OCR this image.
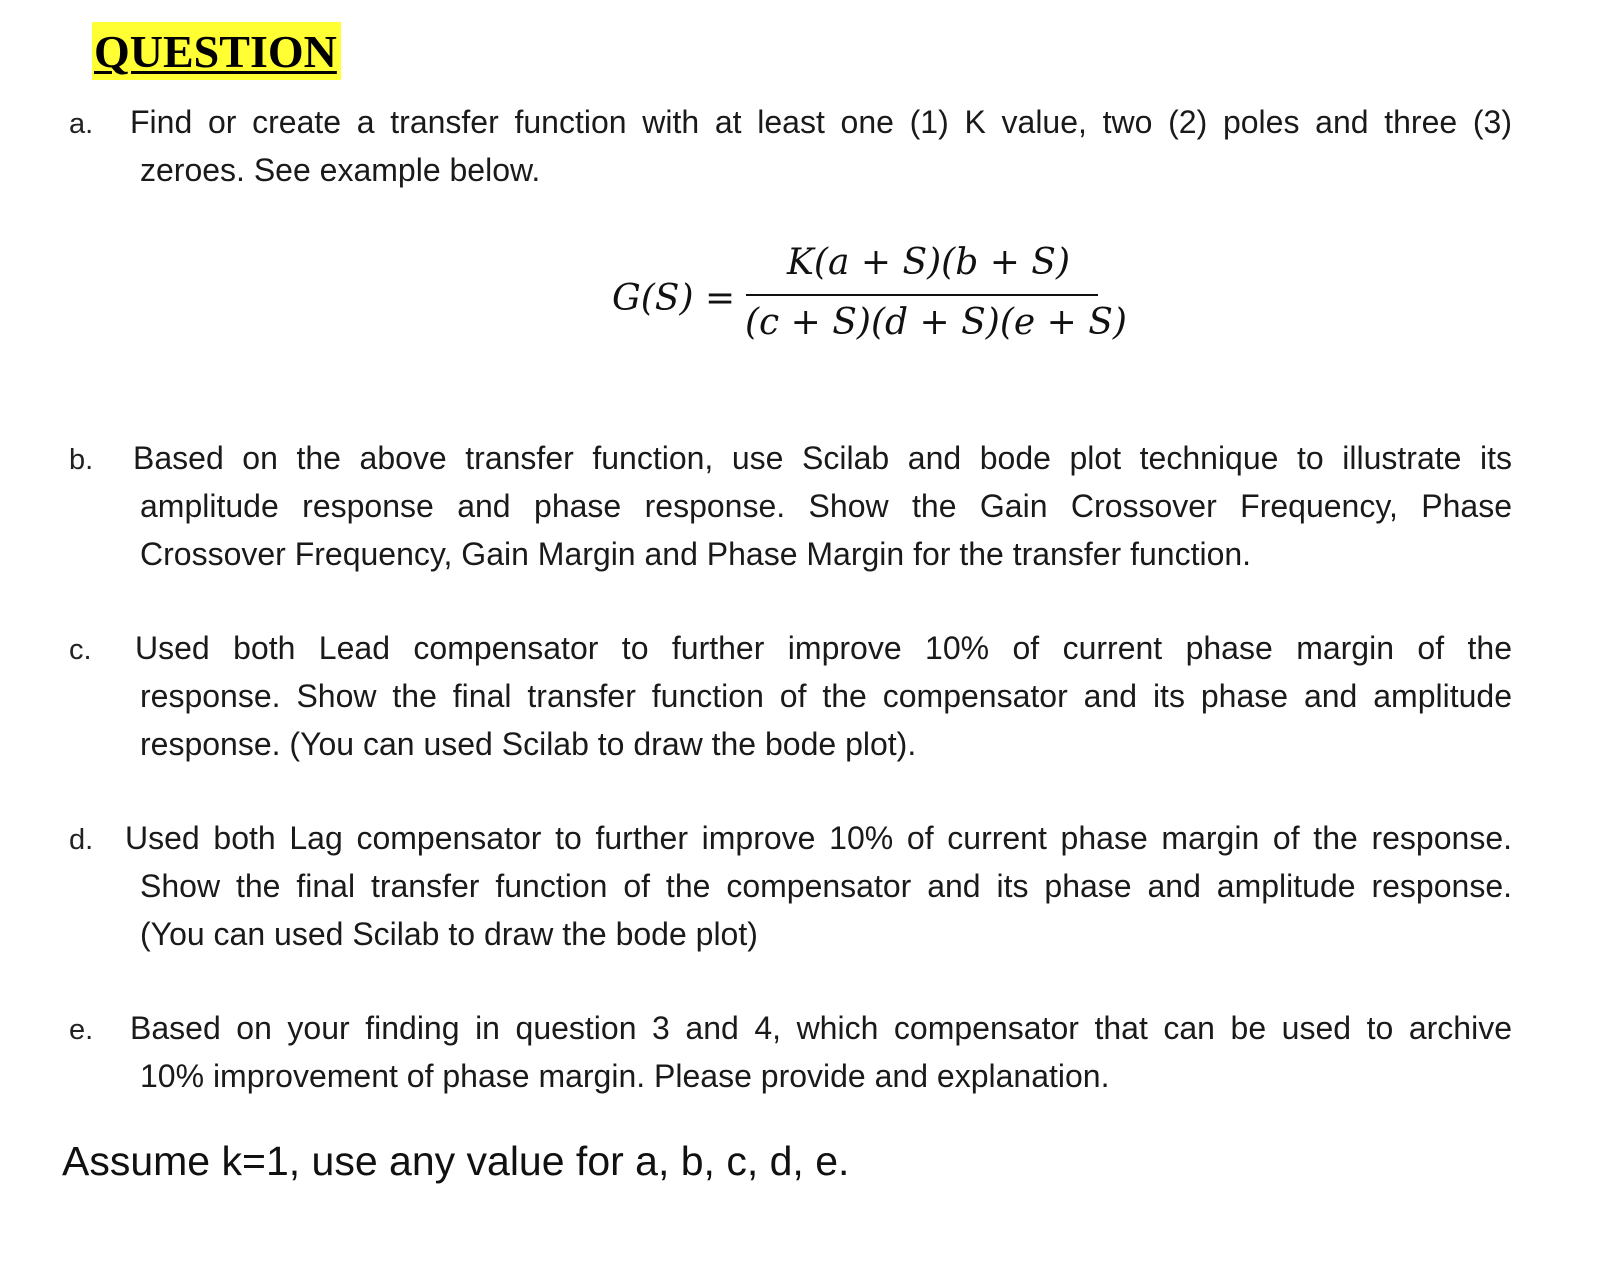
QUESTION
a. Find or create a transfer function with at least one (1) K value, two (2) poles and three (3)
zeroes. See example below.
G(S) =
K(a + S)(b + S)
(c + S)(d + S)(e + S)
b. Based on the above transfer function, use Scilab and bode plot technique to illustrate its
amplitude response and phase response. Show the Gain Crossover Frequency, Phase
Crossover Frequency, Gain Margin and Phase Margin for the transfer function.
c. Used both Lead compensator to further improve 10% of current phase margin of the
response. Show the final transfer function of the compensator and its phase and amplitude
response. (You can used Scilab to draw the bode plot).
d. Used both Lag compensator to further improve 10% of current phase margin of the response.
Show the final transfer function of the compensator and its phase and amplitude response.
(You can used Scilab to draw the bode plot)
e. Based on your finding in question 3 and 4, which compensator that can be used to archive
10% improvement of phase margin. Please provide and explanation.
Assume k=1, use any value for a, b, c, d, e.
